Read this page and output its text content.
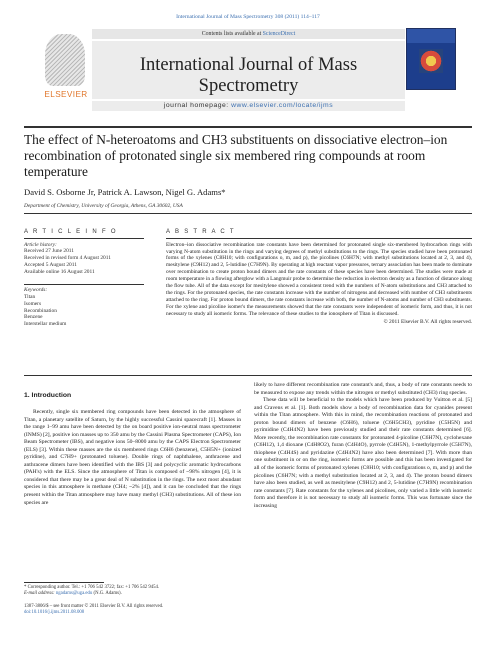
International Journal of Mass Spectrometry 308 (2011) 114–117
ELSEVIER
Contents lists available at ScienceDirect
International Journal of Mass Spectrometry
journal homepage: www.elsevier.com/locate/ijms
The effect of N-heteroatoms and CH3 substituents on dissociative electron–ion recombination of protonated single six membered ring compounds at room temperature
David S. Osborne Jr, Patrick A. Lawson, Nigel G. Adams*
Department of Chemistry, University of Georgia, Athens, GA 30602, USA
A R T I C L E I N F O
Article history:
Received 27 June 2011
Received in revised form 4 August 2011
Accepted 5 August 2011
Available online 16 August 2011
Keywords:
Titan
Isomers
Recombination
Benzene
Interstellar medium
A B S T R A C T
Electron–ion dissociative recombination rate constants have been determined for protonated single six-membered hydrocarbon rings with varying N-atom substitution in the rings and varying degrees of methyl substitutions to the rings. The species studied have been protonated forms of the xylenes (C8H10; with configurations o, m, and p), the picolines (C6H7N; with methyl substitutions located at 2, 3, and 4), mesitylene (C9H12) and 2, 5-lutidine (C7H9N). By operating at high reactant vapor pressures, ternary association has been made to dominate over recombination to create proton bound dimers and the rate constants of these species have been determined. The studies were made at room temperature in a flowing afterglow with a Langmuir probe to determine the reduction in electron density as a function of distance along the flow tube. All of the data except for mesitylene showed a consistent trend with the numbers of N-atom substitutions and CH3 attached to the rings. For the protonated species, the rate constants increase with the number of nitrogens and decreased with number of CH3 substituents attached to the ring. For proton bound dimers, the rate constants increase with both, the number of N-atoms and number of CH3 substituents. For the xylene and picoline isomer's the measurements showed that the rate constants were independent of isomeric form, and thus, it is not necessary to study all isomeric forms. The relevance of these studies to the ionosphere of Titan is discussed.
© 2011 Elsevier B.V. All rights reserved.
1. Introduction

Recently, single six membered ring compounds have been detected in the atmosphere of Titan, a planetary satellite of Saturn, by the highly successful Cassini spacecraft [1]. Masses in the range 1–99 amu have been detected by the on board positive ion-neutral mass spectrometer (INMS) [2], positive ion masses up to 350 amu by the Cassini Plasma Spectrometer (CAPS), Ion Beam Spectrometer (IBS), and negative ions 50–8000 amu by the CAPS Electron Spectrometer (ELS) [3]. Within these masses are the six membered rings C6H6 (benzene), C5H5N+ (ionized pyridine), and C7H9+ (protonated toluene). Double rings of naphthalene, anthracene and anthracene dimers have been identified with the IBS [3] and polycyclic aromatic hydrocarbons (PAH's) with the ELS. Since the atmosphere of Titan is composed of ~98% nitrogen [4], it is considered that there may be a great deal of N substitution in the rings. The next most abundant species in this atmosphere is methane (CH4; ~2% [4]), and it can be concluded that the rings present within the Titan atmosphere may have many methyl (CH3) substitutions. All of these ion species are

likely to have different recombination rate constant's and, thus, a body of rate constants needs to be measured to expose any trends within the nitrogen or methyl substituted (CH3) ring species.

These data will be beneficial to the models which have been produced by Vuitton et al. [5] and Cravens et al. [1]. Both models show a body of recombination data for cyanides present within the Titan atmosphere. With this in mind, the recombination reactions of protonated and proton bound dimers of benzene (C6H6), toluene (C6H5CH3), pyridine (C5H5N) and pyrimidine (C4H4N2) have been previously studied and their rate constants determined [6]. More recently, the recombination rate constants for protonated 4-picoline (C6H7N), cyclohexane (C6H12), 1,4 dioxane (C4H8O2), furan (C4H4O), pyrrole (C4H5N), 1-methylpyrrole (C5H7N), thiophene (C4H4S) and pyridazine (C4H4N2) have also been determined [7]. With more than one substituent in or on the ring, isomeric forms are possible and this has been investigated for all of the isomeric forms of protonated xylenes (C8H10; with configurations o, m, and p) and the picolines (C6H7N; with a methyl substitution located at 2, 3, and 4). The proton bound dimers have also been studied, as well as mesitylene (C9H12) and 2, 5-lutidine (C7H9N) recombination rate constants [7]. Rate constants for the xylenes and picolines, only varied a little with isomeric form and therefore it is not necessary to study all isomeric forms. This was fortunate since the increasing

* Corresponding author. Tel.: +1 706 542 3722; fax: +1 706 542 9454.
E-mail address: ngadams@uga.edu (N.G. Adams).
1387-3806/$ – see front matter © 2011 Elsevier B.V. All rights reserved.
doi:10.1016/j.ijms.2011.08.008
